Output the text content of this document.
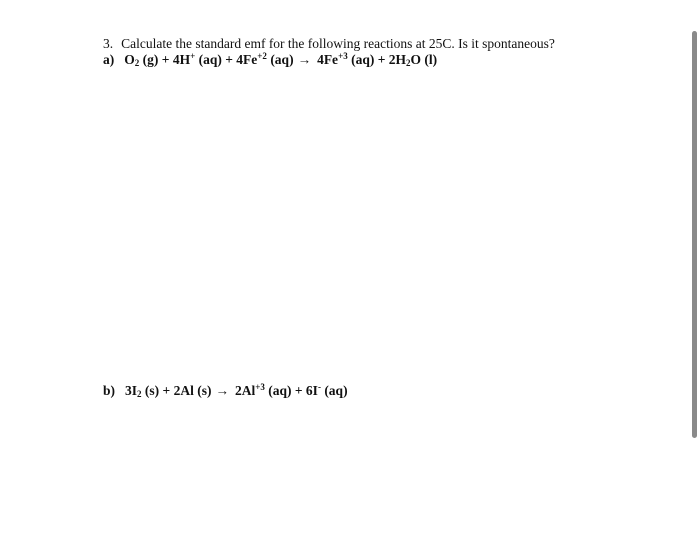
3. Calculate the standard emf for the following reactions at 25C. Is it spontaneous?
a) $O_2$ (g) + 4H+ $(aq) + 4Fe^{+2}$ $(aq) \to 4Fe^{+3}$ $(aq) + 2H_2O$ (l)
b) $3I_2$ (s) + 2Al $(s) \to 2Al^{+3}$ (aq) + 6I- (aq)
